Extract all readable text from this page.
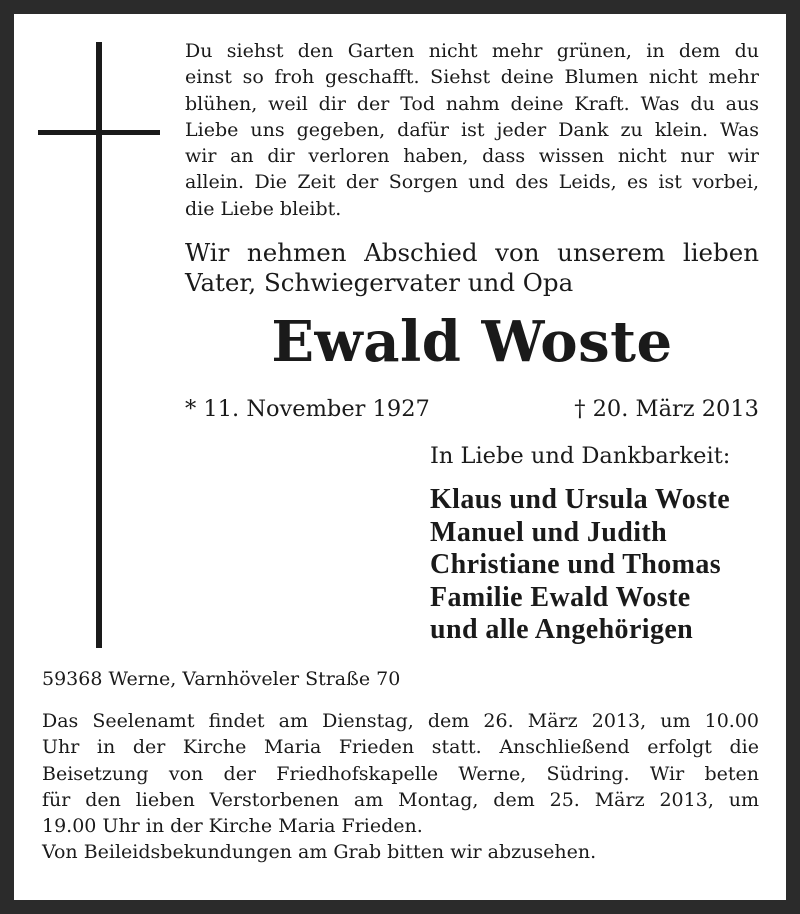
Du siehst den Garten nicht mehr grünen, in dem du
einst so froh geschafft. Siehst deine Blumen nicht mehr
blühen, weil dir der Tod nahm deine Kraft. Was du aus
Liebe uns gegeben, dafür ist jeder Dank zu klein. Was
wir an dir verloren haben, dass wissen nicht nur wir
allein. Die Zeit der Sorgen und des Leids, es ist vorbei,
die Liebe bleibt.
Wir nehmen Abschied von unserem lieben
Vater, Schwiegervater und Opa
Ewald Woste
* 11. November 1927	† 20. März 2013
In Liebe und Dankbarkeit:
Klaus und Ursula Woste
Manuel und Judith
Christiane und Thomas
Familie Ewald Woste
und alle Angehörigen
59368 Werne, Varnhöveler Straße 70
Das Seelenamt findet am Dienstag, dem 26. März 2013, um 10.00
Uhr in der Kirche Maria Frieden statt. Anschließend erfolgt die
Beisetzung von der Friedhofskapelle Werne, Südring. Wir beten
für den lieben Verstorbenen am Montag, dem 25. März 2013, um
19.00 Uhr in der Kirche Maria Frieden.
Von Beileidsbekundungen am Grab bitten wir abzusehen.
